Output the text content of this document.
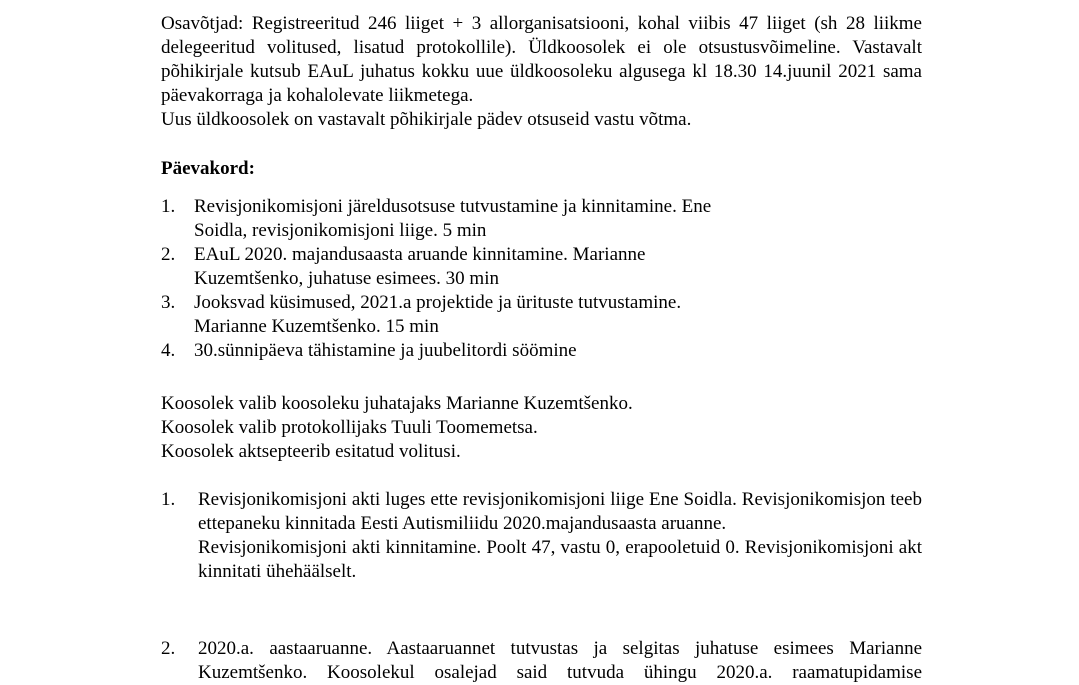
Osavõtjad: Registreeritud 246 liiget + 3 allorganisatsiooni, kohal viibis 47 liiget (sh 28 liikme delegeeritud volitused, lisatud protokollile). Üldkoosolek ei ole otsustusvõimeline. Vastavalt põhikirjale kutsub EAuL juhatus kokku uue üldkoosoleku algusega kl 18.30 14.juunil 2021 sama päevakorraga ja kohalolevate liikmetega.

Uus üldkoosolek on vastavalt põhikirjale pädev otsuseid vastu võtma.

Päevakord:

1. Revisjonikomisjoni järeldusotsuse tutvustamine ja kinnitamine. Ene Soidla, revisjonikomisjoni liige. 5 min
2. EAuL 2020. majandusaasta aruande kinnitamine. Marianne Kuzemtšenko, juhatuse esimees. 30 min
3. Jooksvad küsimused, 2021.a projektide ja ürituste tutvustamine. Marianne Kuzemtšenko. 15 min
4. 30.sünnipäeva tähistamine ja juubelitordi söömine

Koosolek valib koosoleku juhatajaks Marianne Kuzemtšenko.

Koosolek valib protokollijaks Tuuli Toomemetsa.

Koosolek aktsepteerib esitatud volitusi.

1. Revisjonikomisjoni akti luges ette revisjonikomisjoni liige Ene Soidla. Revisjonikomisjon teeb ettepaneku kinnitada Eesti Autismiliidu 2020.majandusaasta aruanne.

Revisjonikomisjoni akti kinnitamine. Poolt 47, vastu 0, erapooletuid 0. Revisjonikomisjoni akt kinnitati ühehäälselt.

2. 2020.a. aastaaruanne. Aastaaruannet tutvustas ja selgitas juhatuse esimees Marianne Kuzemtšenko. Koosolekul osalejad said tutvuda ühingu 2020.a. raamatupidamise
